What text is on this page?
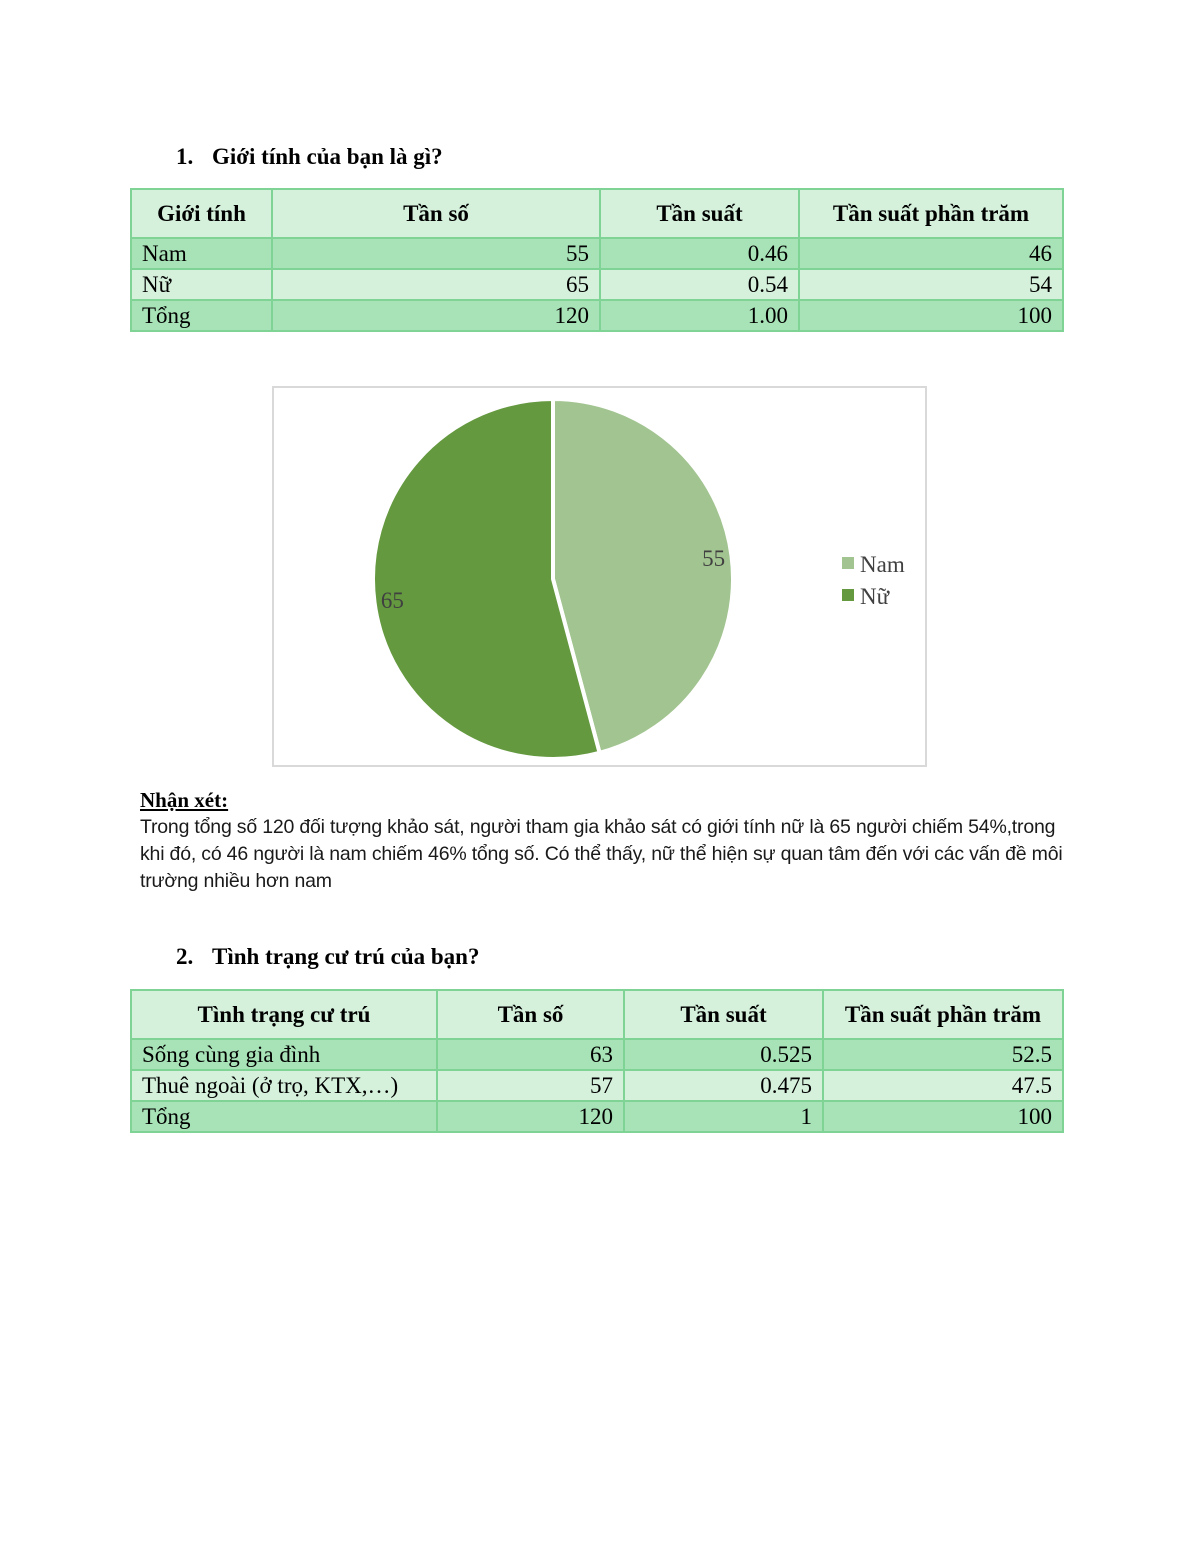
1. Giới tính của bạn là gì?
Giới tính	Tần số	Tần suất	Tần suất phần trăm
Nam	55	0.46	46
Nữ	65	0.54	54
Tổng	120	1.00	100
55
65
Nam
Nữ
Nhận xét:

Trong tổng số 120 đối tượng khảo sát, người tham gia khảo sát có giới tính nữ là 65 người chiếm 54%,trong khi đó, có 46 người là nam chiếm 46% tổng số. Có thể thấy, nữ thể hiện sự quan tâm đến với các vấn đề môi trường nhiều hơn nam

2. Tình trạng cư trú của bạn?
Tình trạng cư trú	Tần số	Tần suất	Tần suất phần trăm
Sống cùng gia đình	63	0.525	52.5
Thuê ngoài (ở trọ, KTX,…)	57	0.475	47.5
Tổng	120	1	100
